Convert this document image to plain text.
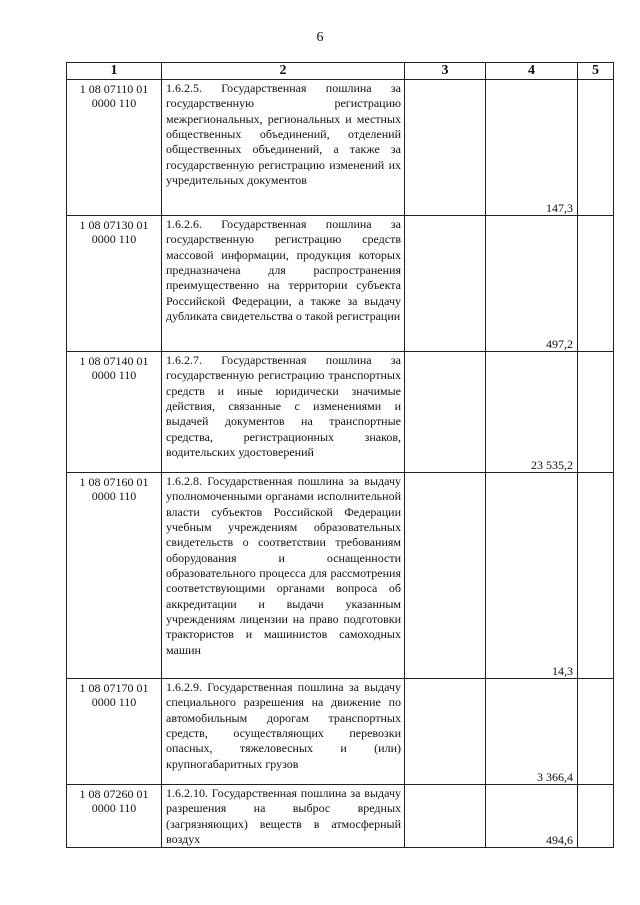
6
1	2	3	4	5
1 08 07110 01 0000 110	1.6.2.5. Государственная пошлина за государственную регистрацию межрегиональных, региональных и местных общественных объединений, отделений общественных объединений, а также за государственную регистрацию изменений их учредительных документов		147,3	
1 08 07130 01 0000 110	1.6.2.6. Государственная пошлина за государственную регистрацию средств массовой информации, продукция которых предназначена для распространения преимущественно на территории субъекта Российской Федерации, а также за выдачу дубликата свидетельства о такой регистрации		497,2	
1 08 07140 01 0000 110	1.6.2.7. Государственная пошлина за государственную регистрацию транспортных средств и иные юридически значимые действия, связанные с изменениями и выдачей документов на транспортные средства, регистрационных знаков, водительских удостоверений		23 535,2	
1 08 07160 01 0000 110	1.6.2.8. Государственная пошлина за выдачу уполномоченными органами исполнительной власти субъектов Российской Федерации учебным учреждениям образовательных свидетельств о соответствии требованиям оборудования и оснащенности образовательного процесса для рассмотрения соответствующими органами вопроса об аккредитации и выдачи указанным учреждениям лицензии на право подготовки трактористов и машинистов самоходных машин		14,3	
1 08 07170 01 0000 110	1.6.2.9. Государственная пошлина за выдачу специального разрешения на движение по автомобильным дорогам транспортных средств, осуществляющих перевозки опасных, тяжеловесных и (или) крупногабаритных грузов		3 366,4	
1 08 07260 01 0000 110	1.6.2.10. Государственная пошлина за выдачу разрешения на выброс вредных (загрязняющих) веществ в атмосферный воздух		494,6	
